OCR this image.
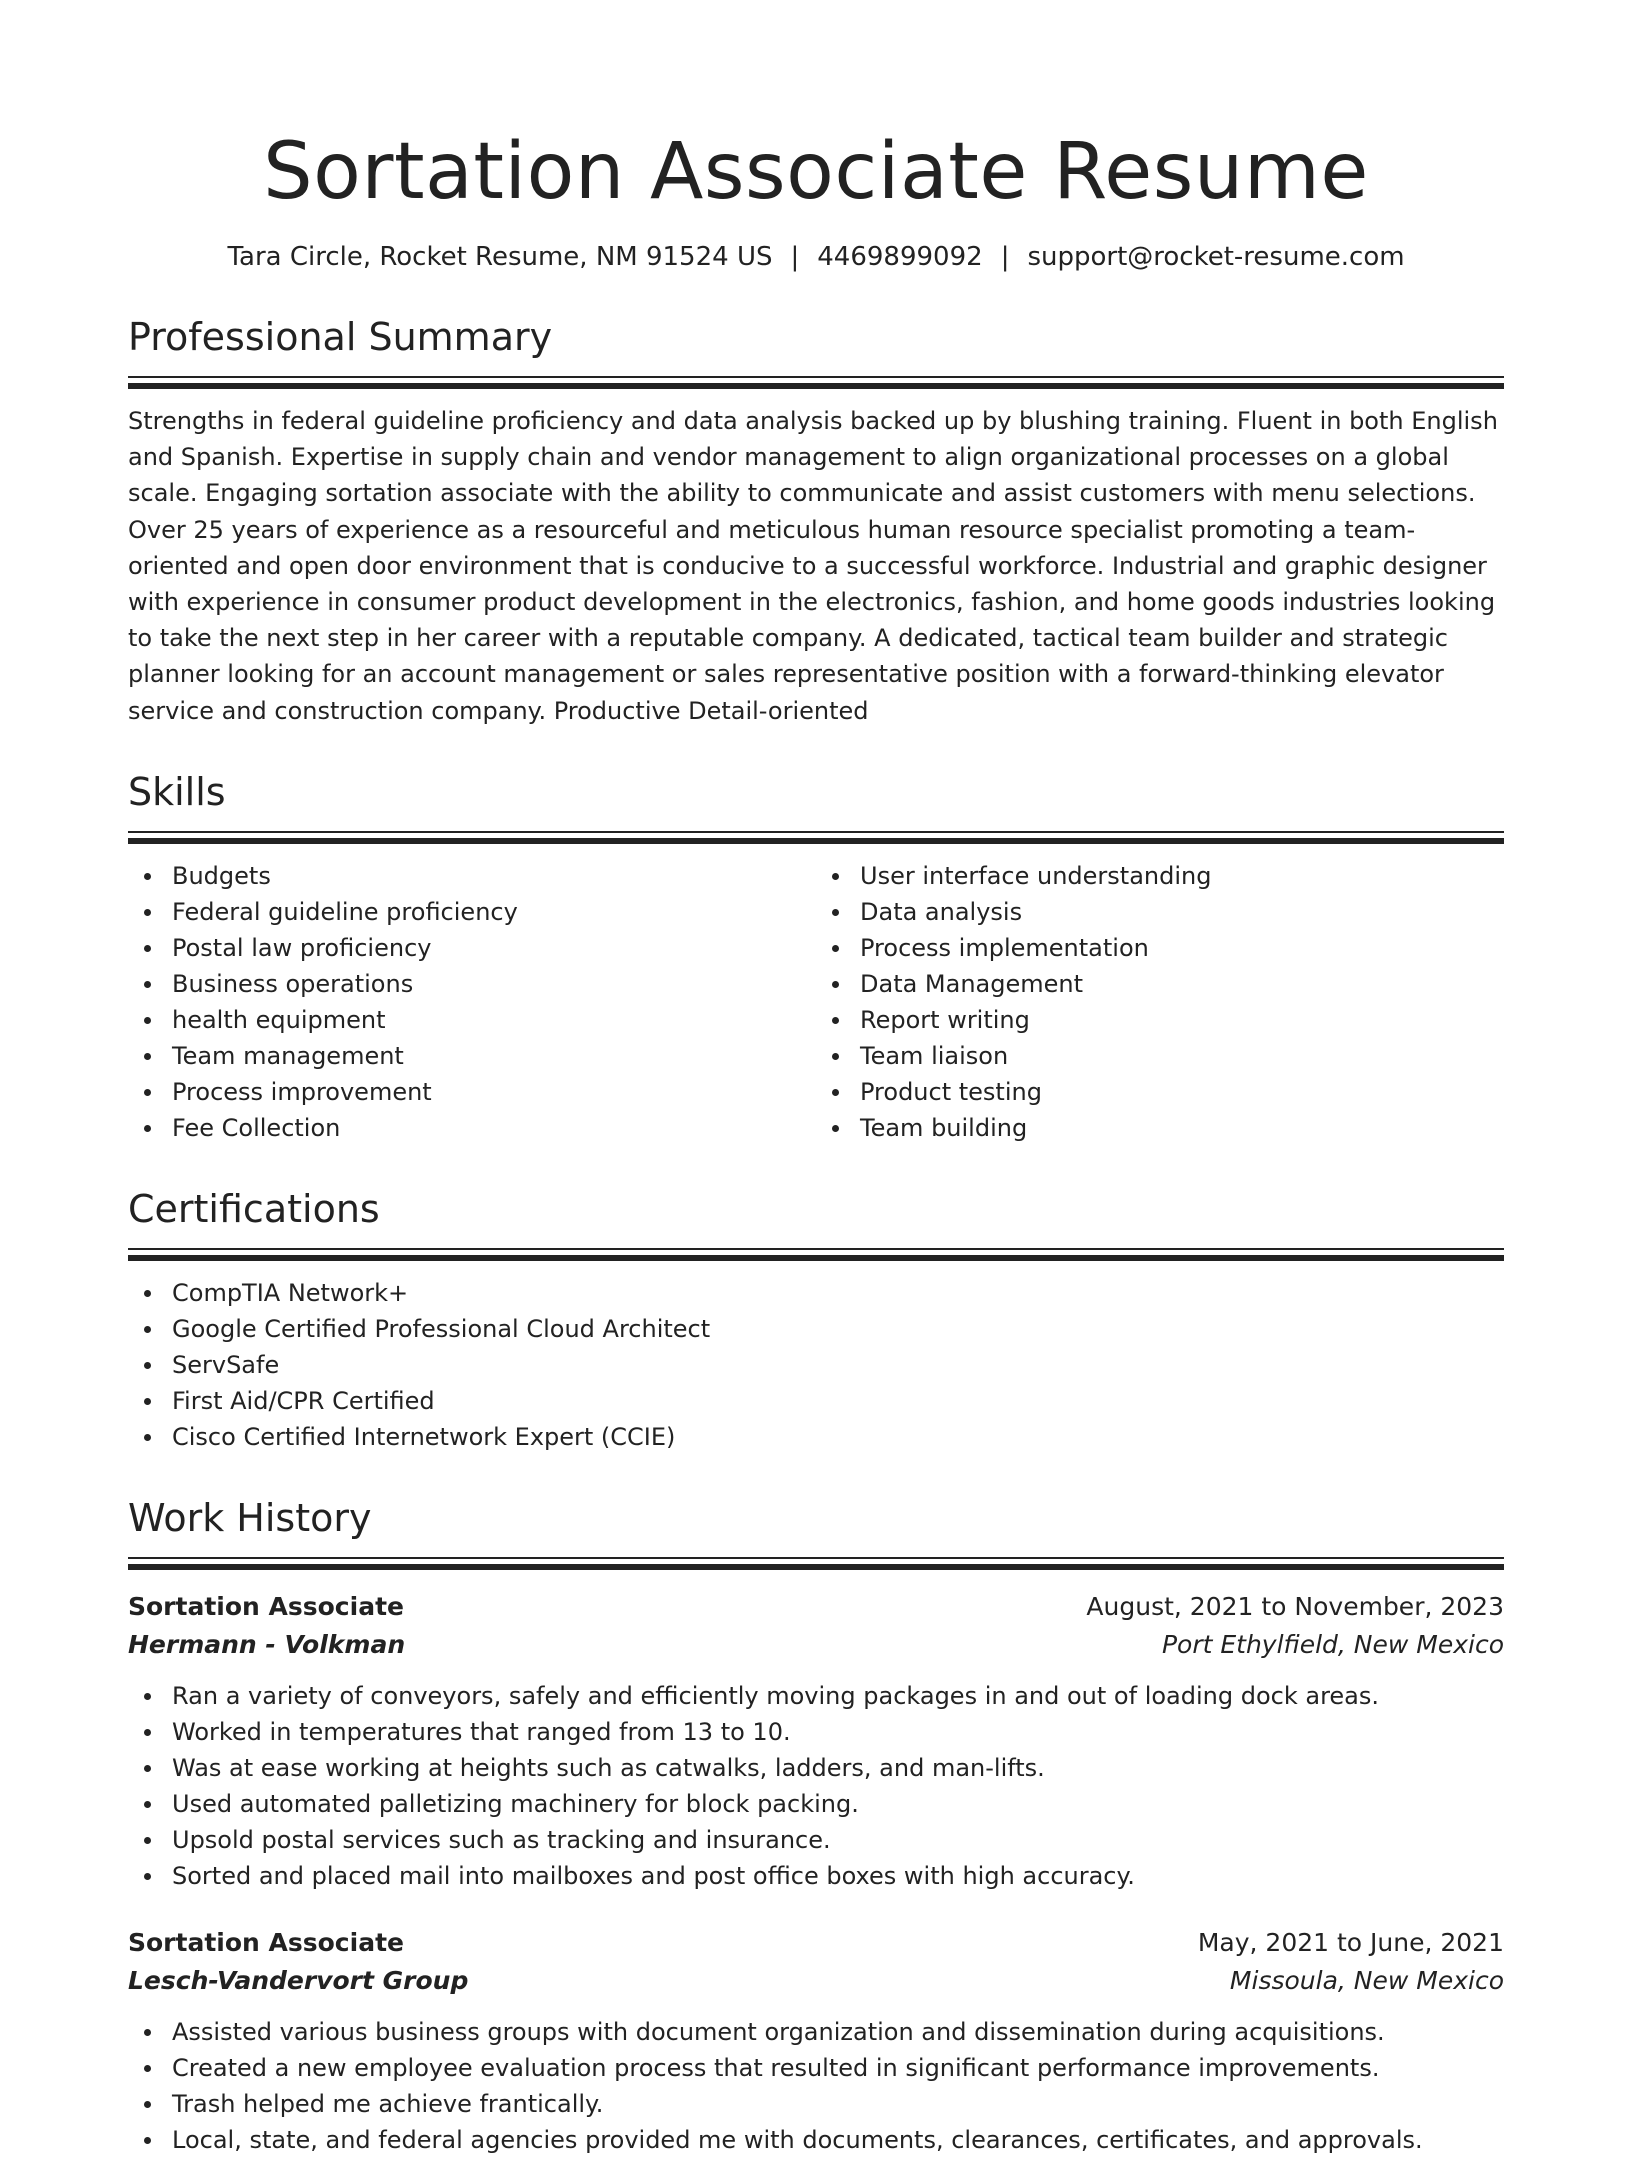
Sortation Associate Resume
Tara Circle, Rocket Resume, NM 91524 US | 4469899092 | support@rocket-resume.com
Professional Summary

Strengths in federal guideline proficiency and data analysis backed up by blushing training. Fluent in both English and Spanish. Expertise in supply chain and vendor management to align organizational processes on a global scale. Engaging sortation associate with the ability to communicate and assist customers with menu selections. Over 25 years of experience as a resourceful and meticulous human resource specialist promoting a team-oriented and open door environment that is conducive to a successful workforce. Industrial and graphic designer with experience in consumer product development in the electronics, fashion, and home goods industries looking to take the next step in her career with a reputable company. A dedicated, tactical team builder and strategic planner looking for an account management or sales representative position with a forward-thinking elevator service and construction company. Productive Detail-oriented

Skills
Budgets
Federal guideline proficiency
Postal law proficiency
Business operations
health equipment
Team management
Process improvement
Fee Collection
User interface understanding
Data analysis
Process implementation
Data Management
Report writing
Team liaison
Product testing
Team building
Certifications
CompTIA Network+
Google Certified Professional Cloud Architect
ServSafe
First Aid/CPR Certified
Cisco Certified Internetwork Expert (CCIE)
Work History
Sortation Associate	August, 2021 to November, 2023
Hermann - Volkman	Port Ethylfield, New Mexico
Ran a variety of conveyors, safely and efficiently moving packages in and out of loading dock areas.
Worked in temperatures that ranged from 13 to 10.
Was at ease working at heights such as catwalks, ladders, and man-lifts.
Used automated palletizing machinery for block packing.
Upsold postal services such as tracking and insurance.
Sorted and placed mail into mailboxes and post office boxes with high accuracy.
Sortation Associate	May, 2021 to June, 2021
Lesch-Vandervort Group	Missoula, New Mexico
Assisted various business groups with document organization and dissemination during acquisitions.
Created a new employee evaluation process that resulted in significant performance improvements.
Trash helped me achieve frantically.
Local, state, and federal agencies provided me with documents, clearances, certificates, and approvals.
